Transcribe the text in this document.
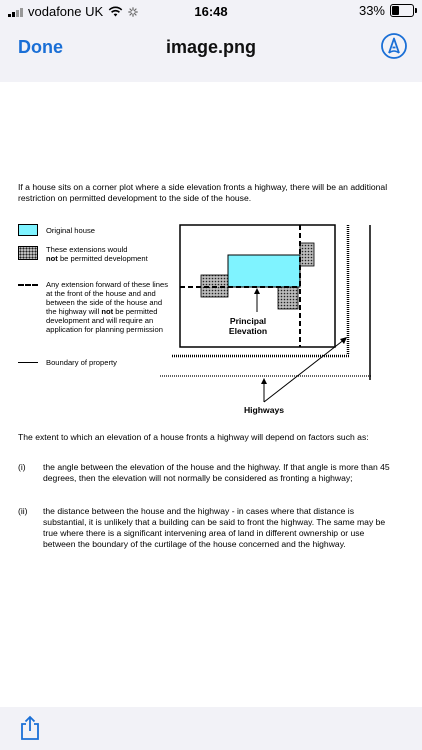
vodafone UK	16:48	33%
Done	image.png
If a house sits on a corner plot where a side elevation fronts a highway, there will be an additional restriction on permitted development to the side of the house.
Original house
These extensions would
not be permitted development
Any extension forward of these lines at the front of the house and and between the side of the house and the highway will not be permitted development and will require an application for planning permission
Boundary of property
Principal
Elevation
Highways
The extent to which an elevation of a house fronts a highway will depend on factors such as:
(i) the angle between the elevation of the house and the highway. If that angle is more than 45 degrees, then the elevation will not normally be considered as fronting a highway;
(ii) the distance between the house and the highway - in cases where that distance is substantial, it is unlikely that a building can be said to front the highway. The same may be true where there is a significant intervening area of land in different ownership or use between the boundary of the curtilage of the house concerned and the highway.
